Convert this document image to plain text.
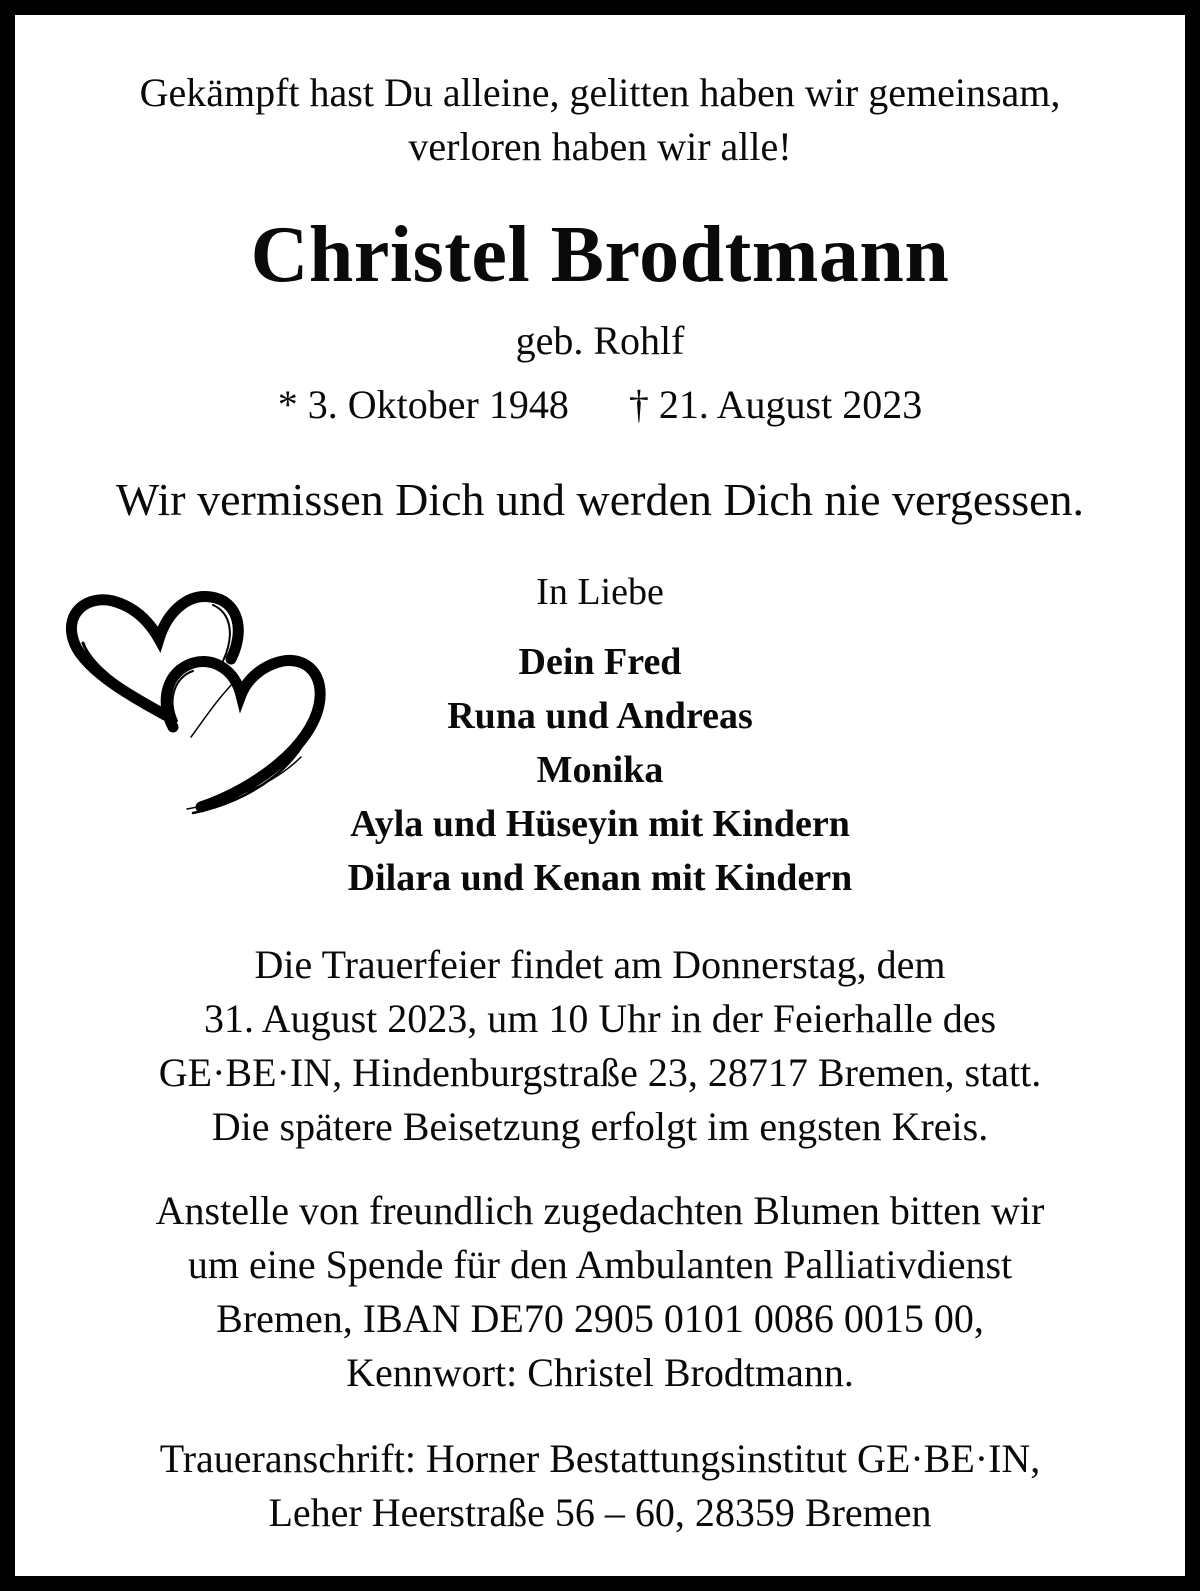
Gekämpft hast Du alleine, gelitten haben wir gemeinsam,
verloren haben wir alle!
Christel Brodtmann
geb. Rohlf
* 3. Oktober 1948 † 21. August 2023
Wir vermissen Dich und werden Dich nie vergessen.
In Liebe
Dein Fred
Runa und Andreas
Monika
Ayla und Hüseyin mit Kindern
Dilara und Kenan mit Kindern
Die Trauerfeier findet am Donnerstag, dem
31. August 2023, um 10 Uhr in der Feierhalle des
GE·BE·IN, Hindenburgstraße 23, 28717 Bremen, statt.
Die spätere Beisetzung erfolgt im engsten Kreis.
Anstelle von freundlich zugedachten Blumen bitten wir
um eine Spende für den Ambulanten Palliativdienst
Bremen, IBAN DE70 2905 0101 0086 0015 00,
Kennwort: Christel Brodtmann.
Traueranschrift: Horner Bestattungsinstitut GE·BE·IN,
Leher Heerstraße 56 – 60, 28359 Bremen
